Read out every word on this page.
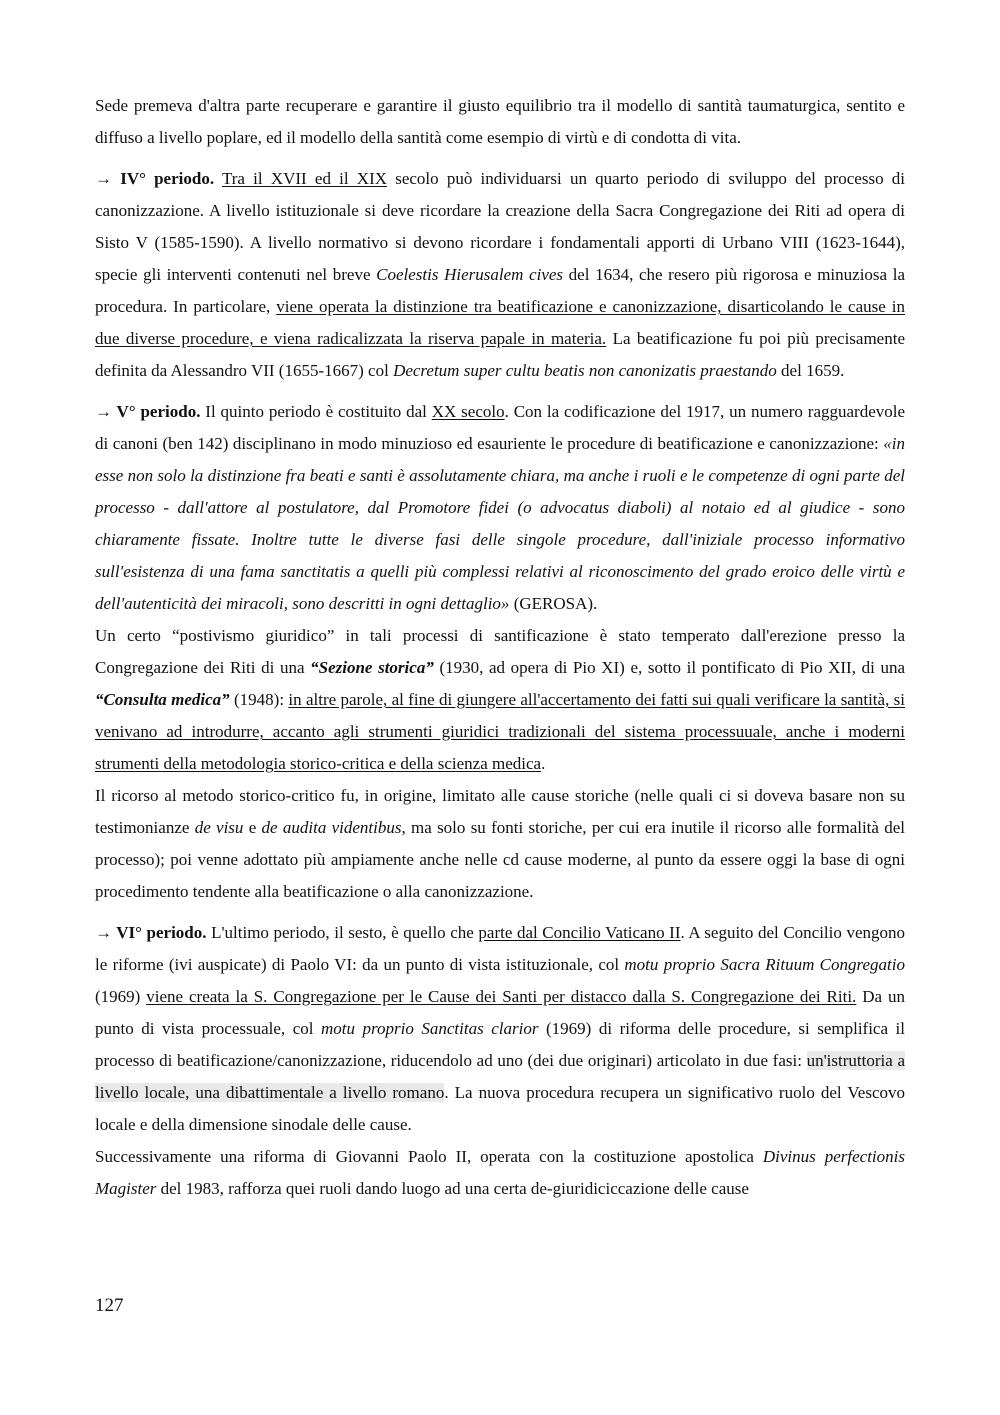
Sede premeva d'altra parte recuperare e garantire il giusto equilibrio tra il modello di santità taumaturgica, sentito e diffuso a livello poplare, ed il modello della santità come esempio di virtù e di condotta di vita.

→ IV° periodo. Tra il XVII ed il XIX secolo può individuarsi un quarto periodo di sviluppo del processo di canonizzazione. A livello istituzionale si deve ricordare la creazione della Sacra Congregazione dei Riti ad opera di Sisto V (1585-1590). A livello normativo si devono ricordare i fondamentali apporti di Urbano VIII (1623-1644), specie gli interventi contenuti nel breve Coelestis Hierusalem cives del 1634, che resero più rigorosa e minuziosa la procedura. In particolare, viene operata la distinzione tra beatificazione e canonizzazione, disarticolando le cause in due diverse procedure, e viena radicalizzata la riserva papale in materia. La beatificazione fu poi più precisamente definita da Alessandro VII (1655-1667) col Decretum super cultu beatis non canonizatis praestando del 1659.

→ V° periodo. Il quinto periodo è costituito dal XX secolo. Con la codificazione del 1917, un numero ragguardevole di canoni (ben 142) disciplinano in modo minuzioso ed esauriente le procedure di beatificazione e canonizzazione: «in esse non solo la distinzione fra beati e santi è assolutamente chiara, ma anche i ruoli e le competenze di ogni parte del processo - dall'attore al postulatore, dal Promotore fidei (o advocatus diaboli) al notaio ed al giudice - sono chiaramente fissate. Inoltre tutte le diverse fasi delle singole procedure, dall'iniziale processo informativo sull'esistenza di una fama sanctitatis a quelli più complessi relativi al riconoscimento del grado eroico delle virtù e dell'autenticità dei miracoli, sono descritti in ogni dettaglio» (GEROSA).

Un certo “postivismo giuridico” in tali processi di santificazione è stato temperato dall'erezione presso la Congregazione dei Riti di una “Sezione storica” (1930, ad opera di Pio XI) e, sotto il pontificato di Pio XII, di una “Consulta medica” (1948): in altre parole, al fine di giungere all'accertamento dei fatti sui quali verificare la santità, si venivano ad introdurre, accanto agli strumenti giuridici tradizionali del sistema processuuale, anche i moderni strumenti della metodologia storico-critica e della scienza medica.

Il ricorso al metodo storico-critico fu, in origine, limitato alle cause storiche (nelle quali ci si doveva basare non su testimonianze de visu e de audita videntibus, ma solo su fonti storiche, per cui era inutile il ricorso alle formalità del processo); poi venne adottato più ampiamente anche nelle cd cause moderne, al punto da essere oggi la base di ogni procedimento tendente alla beatificazione o alla canonizzazione.

→ VI° periodo. L'ultimo periodo, il sesto, è quello che parte dal Concilio Vaticano II. A seguito del Concilio vengono le riforme (ivi auspicate) di Paolo VI: da un punto di vista istituzionale, col motu proprio Sacra Rituum Congregatio (1969) viene creata la S. Congregazione per le Cause dei Santi per distacco dalla S. Congregazione dei Riti. Da un punto di vista processuale, col motu proprio Sanctitas clarior (1969) di riforma delle procedure, si semplifica il processo di beatificazione/canonizzazione, riducendolo ad uno (dei due originari) articolato in due fasi: un'istruttoria a livello locale, una dibattimentale a livello romano. La nuova procedura recupera un significativo ruolo del Vescovo locale e della dimensione sinodale delle cause.

Successivamente una riforma di Giovanni Paolo II, operata con la costituzione apostolica Divinus perfectionis Magister del 1983, rafforza quei ruoli dando luogo ad una certa de-giuridiciccazione delle cause

127
